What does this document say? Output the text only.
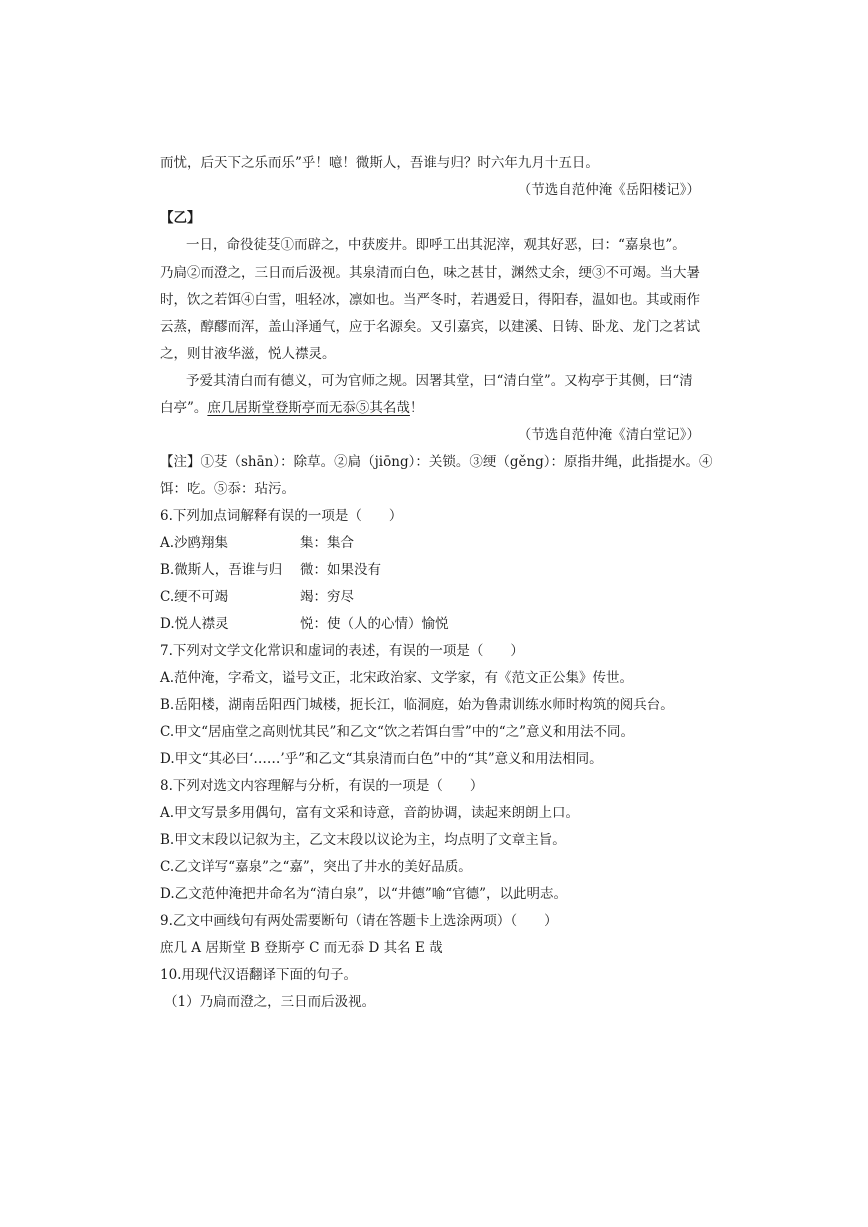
而忧，后天下之乐而乐”乎！噫！微斯人，吾谁与归？时六年九月十五日。
（节选自范仲淹《岳阳楼记》）
【乙】
一日，命役徒芟①而辟之，中获废井。即呼工出其泥滓，观其好恶，曰：“嘉泉也”。
乃扃②而澄之，三日而后汲视。其泉清而白色，味之甚甘，渊然丈余，绠③不可竭。当大暑
时，饮之若饵④白雪，咀轻冰，凛如也。当严冬时，若遇爱日，得阳春，温如也。其或雨作
云蒸，醇醪而浑，盖山泽通气，应于名源矣。又引嘉宾，以建溪、日铸、卧龙、龙门之茗试
之，则甘液华滋，悦人襟灵。
予爱其清白而有德义，可为官师之规。因署其堂，曰“清白堂”。又构亭于其侧，曰“清
白亭”。庶几居斯堂登斯亭而无忝⑤其名哉！
（节选自范仲淹《清白堂记》）
【注】①芟（shān）：除草。②扃（jiōng）：关锁。③绠（gěng）：原指井绳，此指提水。④
饵：吃。⑤忝：玷污。
6.下列加点词解释有误的一项是（　　）
A.沙鸥翔集	集：集合
B.微斯人，吾谁与归 微：如果没有
C.绠不可竭	竭：穷尽
D.悦人襟灵	悦：使（人的心情）愉悦
7.下列对文学文化常识和虚词的表述，有误的一项是（　　）
A.范仲淹，字希文，谥号文正，北宋政治家、文学家，有《范文正公集》传世。
B.岳阳楼，湖南岳阳西门城楼，扼长江，临洞庭，始为鲁肃训练水师时构筑的阅兵台。
C.甲文“居庙堂之高则忧其民”和乙文“饮之若饵白雪”中的“之”意义和用法不同。
D.甲文“其必曰‘……’乎”和乙文“其泉清而白色”中的“其”意义和用法相同。
8.下列对选文内容理解与分析，有误的一项是（　　）
A.甲文写景多用偶句，富有文采和诗意，音韵协调，读起来朗朗上口。
B.甲文末段以记叙为主，乙文末段以议论为主，均点明了文章主旨。
C.乙文详写“嘉泉”之“嘉”，突出了井水的美好品质。
D.乙文范仲淹把井命名为“清白泉”，以“井德”喻“官德”，以此明志。
9.乙文中画线句有两处需要断句（请在答题卡上选涂两项）（　　）
庶几 A 居斯堂 B 登斯亭 C 而无忝 D 其名 E 哉
10.用现代汉语翻译下面的句子。
（1）乃扃而澄之，三日而后汲视。
